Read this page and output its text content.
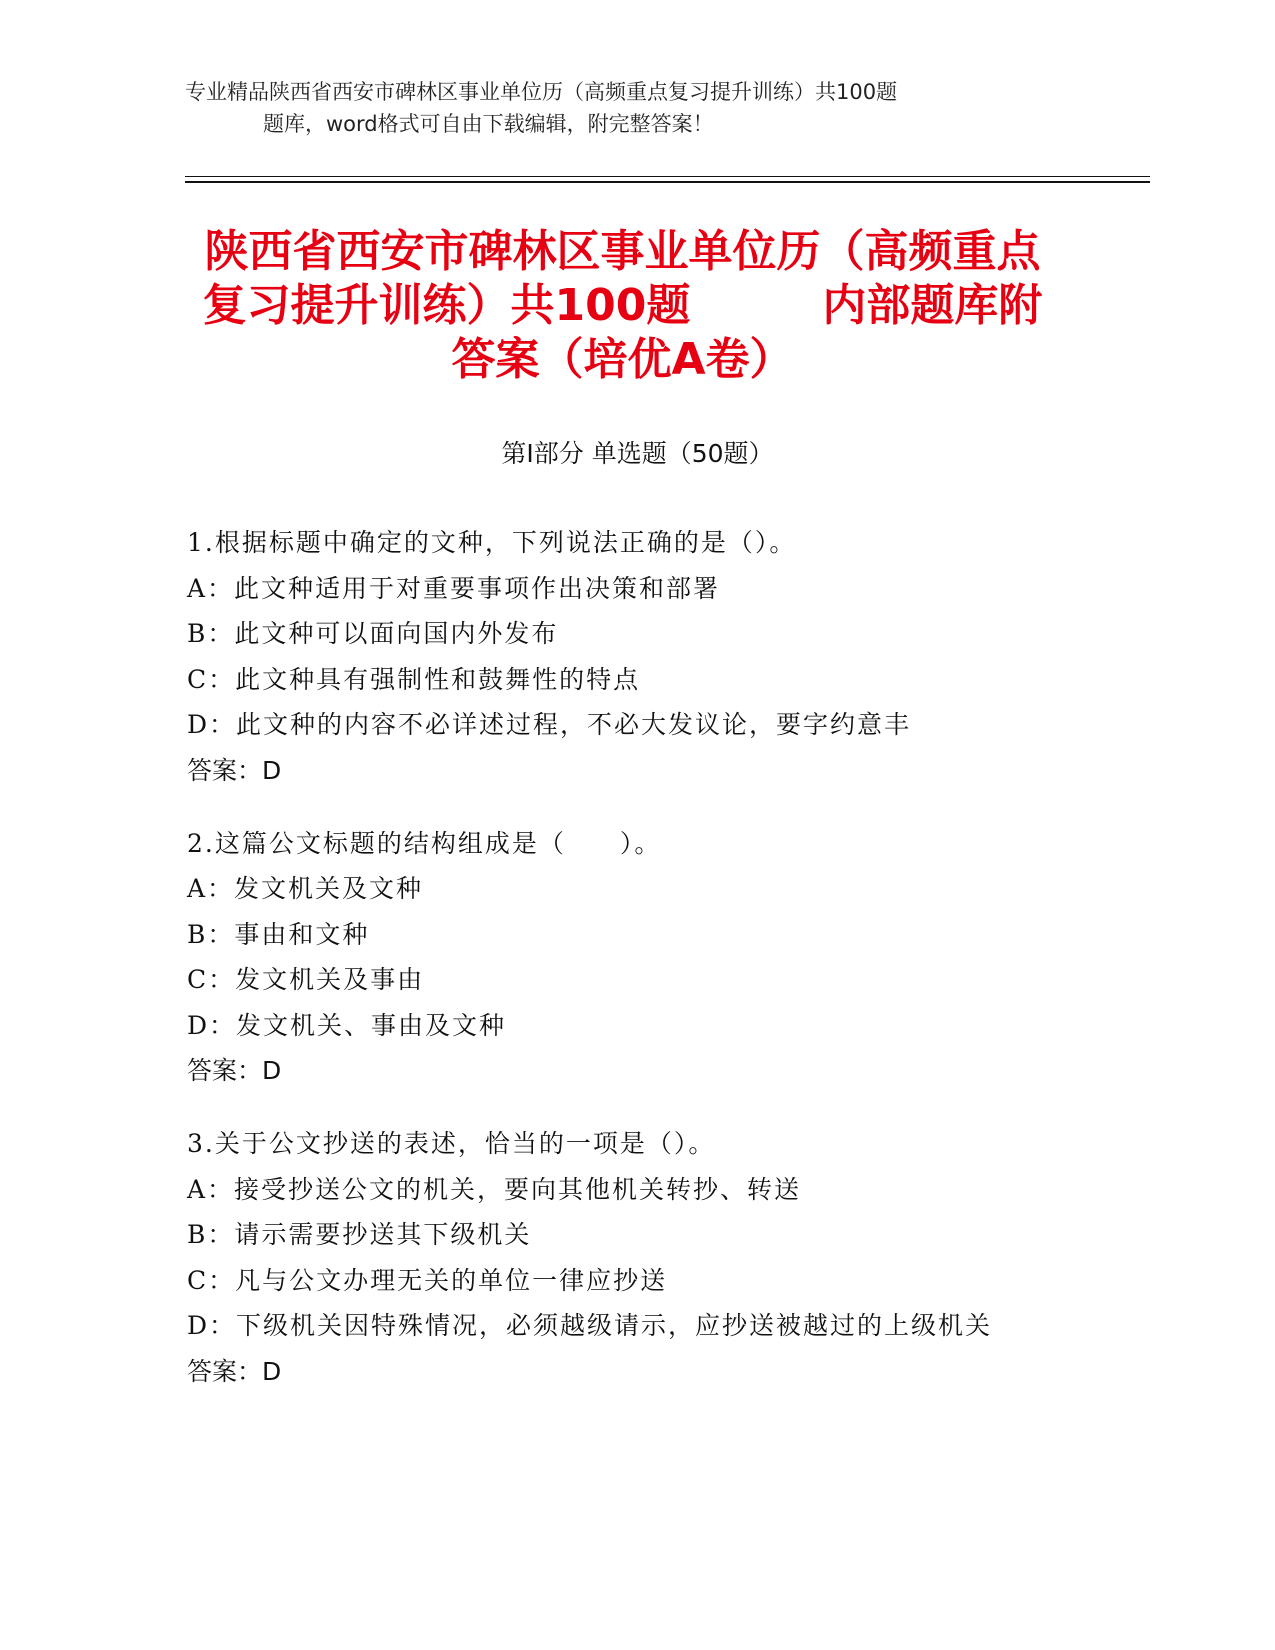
专业精品陕西省西安市碑林区事业单位历（高频重点复习提升训练）共100题
题库，word格式可自由下载编辑，附完整答案！
陕西省西安市碑林区事业单位历（高频重点
复习提升训练）共100题　　　内部题库附
答案（培优A卷）
第Ⅰ部分 单选题（50题）
1.根据标题中确定的文种，下列说法正确的是（）。
A：此文种适用于对重要事项作出决策和部署
B：此文种可以面向国内外发布
C：此文种具有强制性和鼓舞性的特点
D：此文种的内容不必详述过程，不必大发议论，要字约意丰
答案：D
2.这篇公文标题的结构组成是（　　）。
A：发文机关及文种
B：事由和文种
C：发文机关及事由
D：发文机关、事由及文种
答案：D
3.关于公文抄送的表述，恰当的一项是（）。
A：接受抄送公文的机关，要向其他机关转抄、转送
B：请示需要抄送其下级机关
C：凡与公文办理无关的单位一律应抄送
D：下级机关因特殊情况，必须越级请示，应抄送被越过的上级机关
答案：D
